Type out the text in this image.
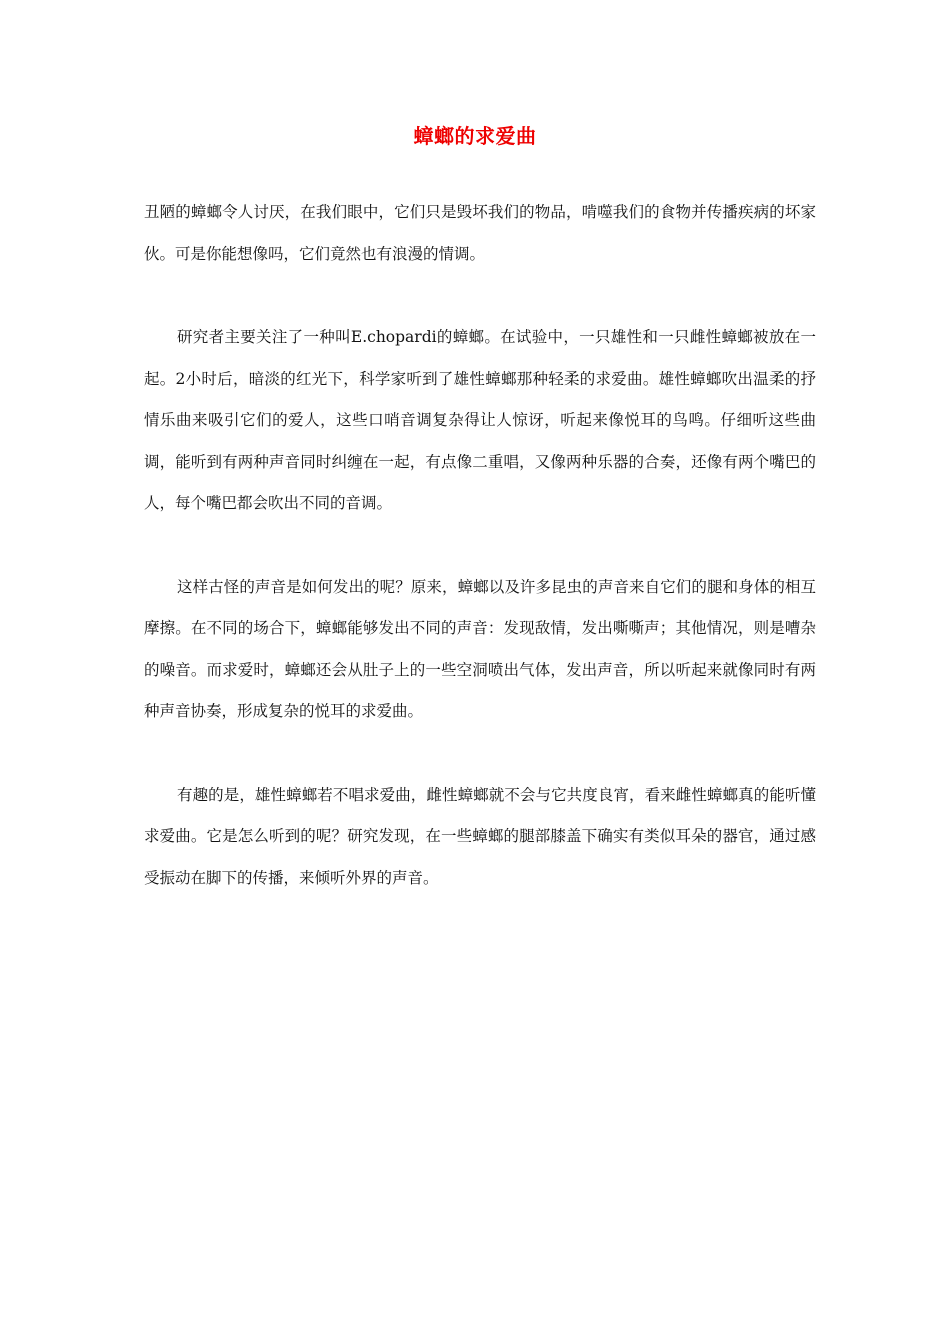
蟑螂的求爱曲

丑陋的蟑螂令人讨厌，在我们眼中，它们只是毁坏我们的物品，啃噬我们的食物并传播疾病的坏家伙。可是你能想像吗，它们竟然也有浪漫的情调。

研究者主要关注了一种叫E.chopardi的蟑螂。在试验中，一只雄性和一只雌性蟑螂被放在一起。2小时后，暗淡的红光下，科学家听到了雄性蟑螂那种轻柔的求爱曲。雄性蟑螂吹出温柔的抒情乐曲来吸引它们的爱人，这些口哨音调复杂得让人惊讶，听起来像悦耳的鸟鸣。仔细听这些曲调，能听到有两种声音同时纠缠在一起，有点像二重唱，又像两种乐器的合奏，还像有两个嘴巴的人，每个嘴巴都会吹出不同的音调。

这样古怪的声音是如何发出的呢？原来，蟑螂以及许多昆虫的声音来自它们的腿和身体的相互摩擦。在不同的场合下，蟑螂能够发出不同的声音：发现敌情，发出嘶嘶声；其他情况，则是嘈杂的噪音。而求爱时，蟑螂还会从肚子上的一些空洞喷出气体，发出声音，所以听起来就像同时有两种声音协奏，形成复杂的悦耳的求爱曲。

有趣的是，雄性蟑螂若不唱求爱曲，雌性蟑螂就不会与它共度良宵，看来雌性蟑螂真的能听懂求爱曲。它是怎么听到的呢？研究发现，在一些蟑螂的腿部膝盖下确实有类似耳朵的器官，通过感受振动在脚下的传播，来倾听外界的声音。
